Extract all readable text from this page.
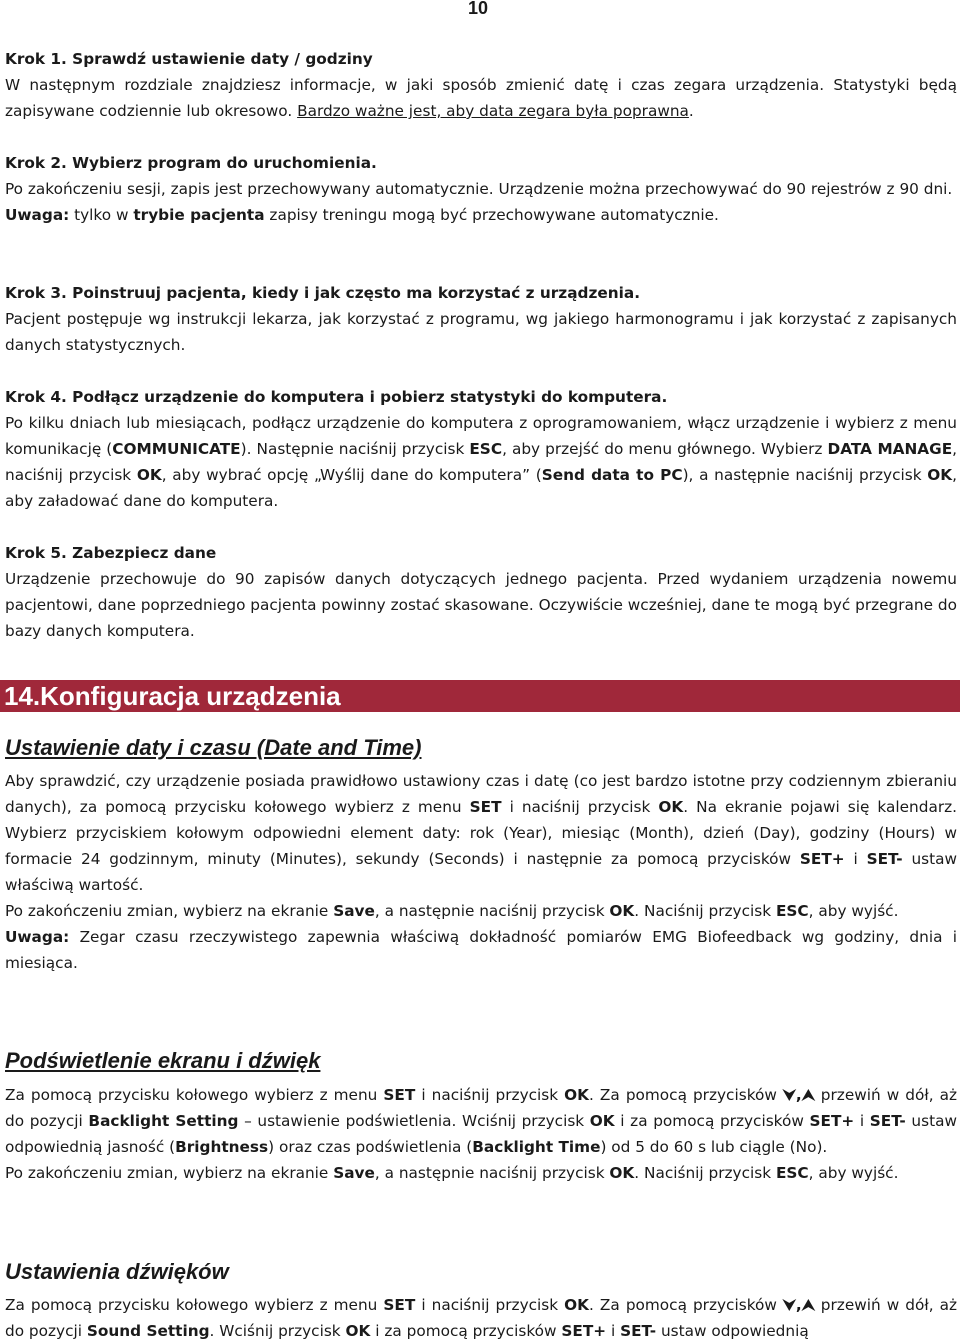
10

Krok 1. Sprawdź ustawienie daty / godziny
W następnym rozdziale znajdziesz informacje, w jaki sposób zmienić datę i czas zegara urządzenia. Statystyki będą zapisywane codziennie lub okresowo. Bardzo ważne jest, aby data zegara była poprawna.

Krok 2. Wybierz program do uruchomienia.
Po zakończeniu sesji, zapis jest przechowywany automatycznie. Urządzenie można przechowywać do 90 rejestrów z 90 dni.
Uwaga: tylko w trybie pacjenta zapisy treningu mogą być przechowywane automatycznie.

Krok 3. Poinstruuj pacjenta, kiedy i jak często ma korzystać z urządzenia.
Pacjent postępuje wg instrukcji lekarza, jak korzystać z programu, wg jakiego harmonogramu i jak korzystać z zapisanych danych statystycznych.

Krok 4. Podłącz urządzenie do komputera i pobierz statystyki do komputera.
Po kilku dniach lub miesiącach, podłącz urządzenie do komputera z oprogramowaniem, włącz urządzenie i wybierz z menu komunikację (COMMUNICATE). Następnie naciśnij przycisk ESC, aby przejść do menu głównego. Wybierz DATA MANAGE, naciśnij przycisk OK, aby wybrać opcję „Wyślij dane do komputera” (Send data to PC), a następnie naciśnij przycisk OK, aby załadować dane do komputera.

Krok 5. Zabezpiecz dane
Urządzenie przechowuje do 90 zapisów danych dotyczących jednego pacjenta. Przed wydaniem urządzenia nowemu pacjentowi, dane poprzedniego pacjenta powinny zostać skasowane. Oczywiście wcześniej, dane te mogą być przegrane do bazy danych komputera.

14.Konfiguracja urządzenia
Ustawienie daty i czasu (Date and Time)

Aby sprawdzić, czy urządzenie posiada prawidłowo ustawiony czas i datę (co jest bardzo istotne przy codziennym zbieraniu danych), za pomocą przycisku kołowego wybierz z menu SET i naciśnij przycisk OK. Na ekranie pojawi się kalendarz. Wybierz przyciskiem kołowym odpowiedni element daty: rok (Year), miesiąc (Month), dzień (Day), godziny (Hours) w formacie 24 godzinnym, minuty (Minutes), sekundy (Seconds) i następnie za pomocą przycisków SET+ i SET- ustaw właściwą wartość.
Po zakończeniu zmian, wybierz na ekranie Save, a następnie naciśnij przycisk OK. Naciśnij przycisk ESC, aby wyjść.
Uwaga: Zegar czasu rzeczywistego zapewnia właściwą dokładność pomiarów EMG Biofeedback wg godziny, dnia i miesiąca.

Podświetlenie ekranu i dźwięk

Za pomocą przycisku kołowego wybierz z menu SET i naciśnij przycisk OK. Za pomocą przycisków ⮟,⮝ przewiń w dół, aż do pozycji Backlight Setting – ustawienie podświetlenia. Wciśnij przycisk OK i za pomocą przycisków SET+ i SET- ustaw odpowiednią jasność (Brightness) oraz czas podświetlenia (Backlight Time) od 5 do 60 s lub ciągle (No).
Po zakończeniu zmian, wybierz na ekranie Save, a następnie naciśnij przycisk OK. Naciśnij przycisk ESC, aby wyjść.

Ustawienia dźwięków

Za pomocą przycisku kołowego wybierz z menu SET i naciśnij przycisk OK. Za pomocą przycisków ⮟,⮝ przewiń w dół, aż do pozycji Sound Setting. Wciśnij przycisk OK i za pomocą przycisków SET+ i SET- ustaw odpowiednią
